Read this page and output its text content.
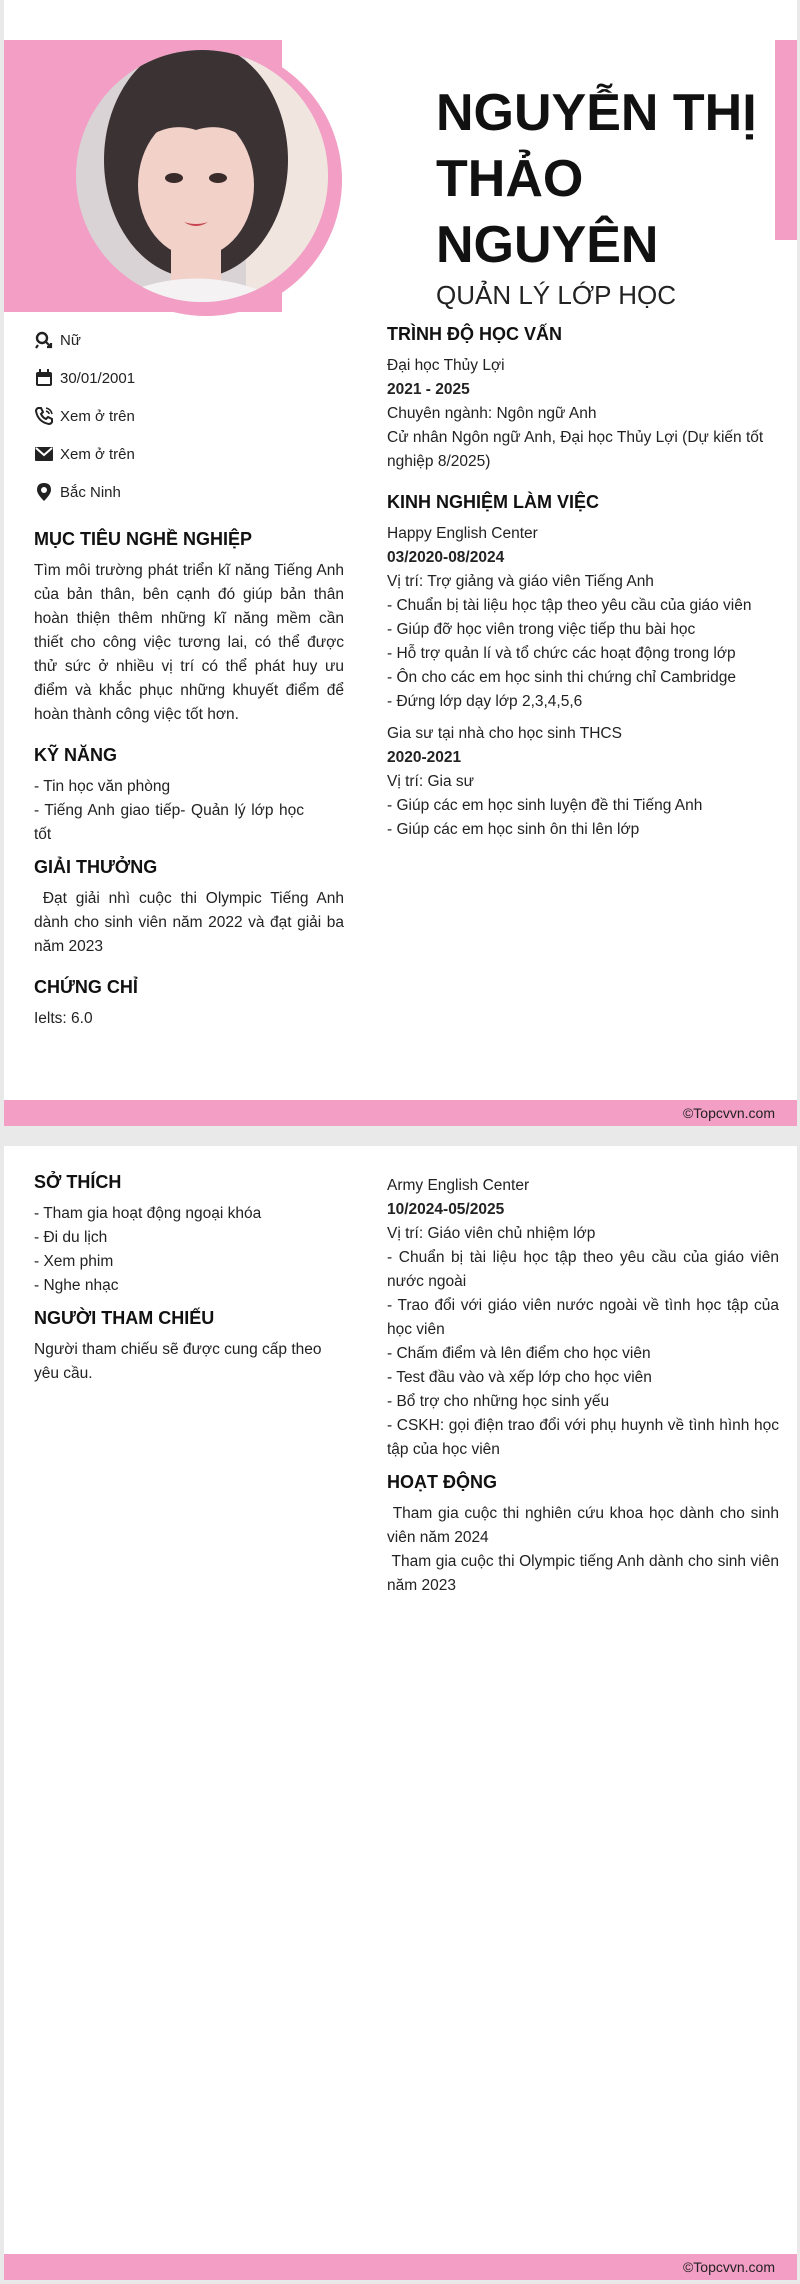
NGUYỄN THỊ
THẢO
NGUYÊN
QUẢN LÝ LỚP HỌC
Nữ
30/01/2001
Xem ở trên
Xem ở trên
Bắc Ninh
MỤC TIÊU NGHỀ NGHIỆP
Tìm môi trường phát triển kĩ năng Tiếng Anh của bản thân, bên cạnh đó giúp bản thân hoàn thiện thêm những kĩ năng mềm cần thiết cho công việc tương lai, có thể được thử sức ở nhiều vị trí có thể phát huy ưu điểm và khắc phục những khuyết điểm để hoàn thành công việc tốt hơn.
KỸ NĂNG
- Tin học văn phòng
- Tiếng Anh giao tiếp- Quản lý lớp học tốt
GIẢI THƯỞNG
Đạt giải nhì cuộc thi Olympic Tiếng Anh dành cho sinh viên năm 2022 và đạt giải ba năm 2023
CHỨNG CHỈ
Ielts: 6.0
TRÌNH ĐỘ HỌC VẤN
Đại học Thủy Lợi
2021 - 2025
Chuyên ngành: Ngôn ngữ Anh
Cử nhân Ngôn ngữ Anh, Đại học Thủy Lợi (Dự kiến tốt nghiệp 8/2025)
KINH NGHIỆM LÀM VIỆC
Happy English Center
03/2020-08/2024
Vị trí: Trợ giảng và giáo viên Tiếng Anh
- Chuẩn bị tài liệu học tập theo yêu cầu của giáo viên
- Giúp đỡ học viên trong việc tiếp thu bài học
- Hỗ trợ quản lí và tổ chức các hoạt động trong lớp
- Ôn cho các em học sinh thi chứng chỉ Cambridge
- Đứng lớp dạy lớp 2,3,4,5,6
Gia sư tại nhà cho học sinh THCS
2020-2021
Vị trí: Gia sư
- Giúp các em học sinh luyện đề thi Tiếng Anh
- Giúp các em học sinh ôn thi lên lớp
©Topcvvn.com
SỞ THÍCH
- Tham gia hoạt động ngoại khóa
- Đi du lịch
- Xem phim
- Nghe nhạc
NGƯỜI THAM CHIẾU
Người tham chiếu sẽ được cung cấp theo yêu cầu.
Army English Center
10/2024-05/2025
Vị trí: Giáo viên chủ nhiệm lớp
- Chuẩn bị tài liệu học tập theo yêu cầu của giáo viên nước ngoài
- Trao đổi với giáo viên nước ngoài về tình học tập của học viên
- Chấm điểm và lên điểm cho học viên
- Test đầu vào và xếp lớp cho học viên
- Bổ trợ cho những học sinh yếu
- CSKH: gọi điện trao đổi với phụ huynh về tình hình học tập của học viên
HOẠT ĐỘNG
Tham gia cuộc thi nghiên cứu khoa học dành cho sinh viên năm 2024
Tham gia cuộc thi Olympic tiếng Anh dành cho sinh viên năm 2023
©Topcvvn.com
